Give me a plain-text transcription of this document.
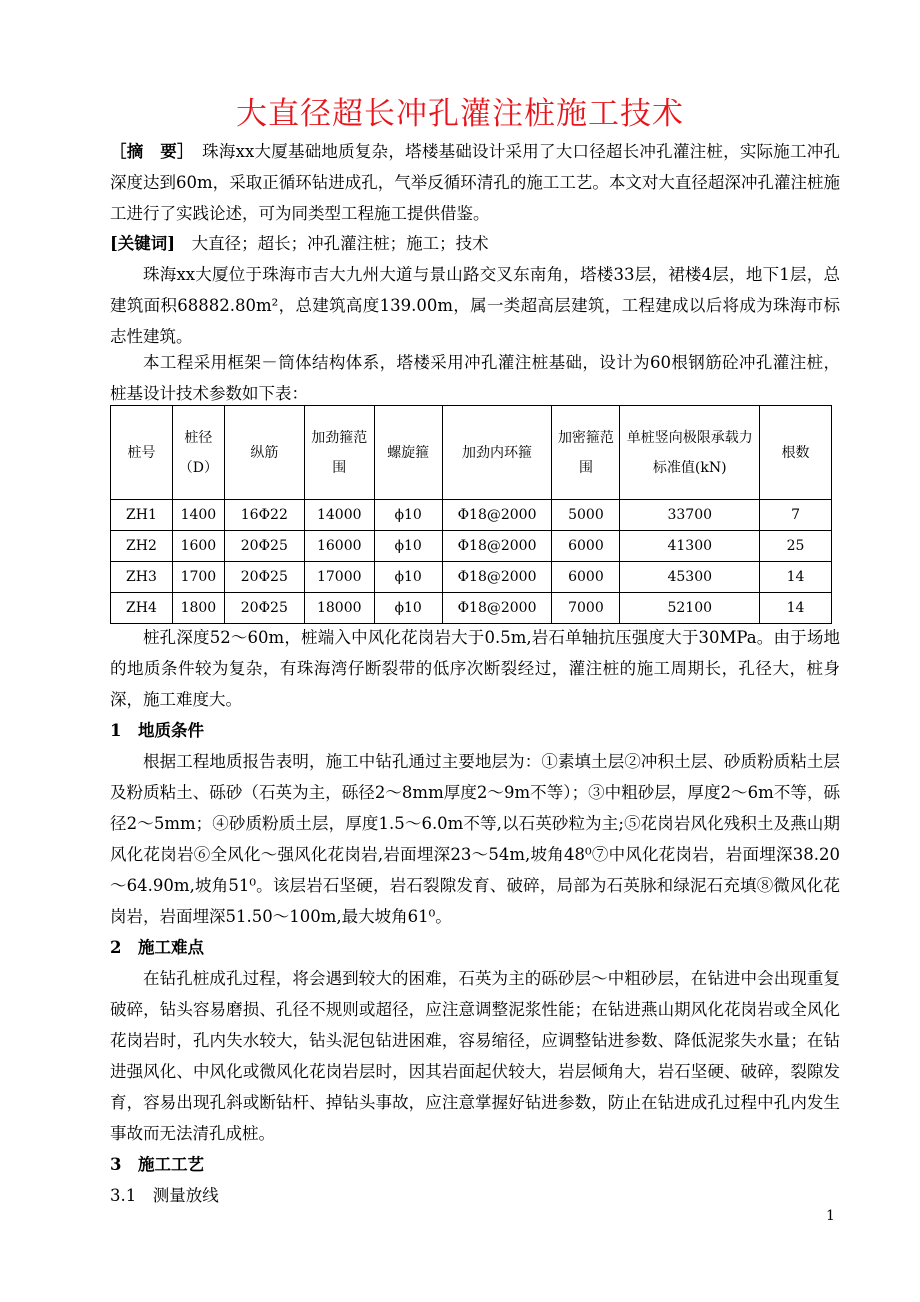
大直径超长冲孔灌注桩施工技术

［摘　要］　珠海xx大厦基础地质复杂，塔楼基础设计采用了大口径超长冲孔灌注桩，实际施工冲孔深度达到60m，采取正循环钻进成孔，气举反循环清孔的施工工艺。本文对大直径超深冲孔灌注桩施工进行了实践论述，可为同类型工程施工提供借鉴。

[关键词]　大直径；超长；冲孔灌注桩；施工；技术

珠海xx大厦位于珠海市吉大九州大道与景山路交叉东南角，塔楼33层，裙楼4层，地下1层，总建筑面积68882.80m²，总建筑高度139.00m，属一类超高层建筑，工程建成以后将成为珠海市标志性建筑。

本工程采用框架－筒体结构体系，塔楼采用冲孔灌注桩基础，设计为60根钢筋砼冲孔灌注桩，桩基设计技术参数如下表：

桩号	桩径（D）	纵筋	加劲箍范围	螺旋箍	加劲内环箍	加密箍范围	单桩竖向极限承载力标准值(kN)	根数
ZH1	1400	16Φ22	14000	ϕ10	Φ18@2000	5000	33700	7
ZH2	1600	20Φ25	16000	ϕ10	Φ18@2000	6000	41300	25
ZH3	1700	20Φ25	17000	ϕ10	Φ18@2000	6000	45300	14
ZH4	1800	20Φ25	18000	ϕ10	Φ18@2000	7000	52100	14

桩孔深度52～60m，桩端入中风化花岗岩大于0.5m,岩石单轴抗压强度大于30MPa。由于场地的地质条件较为复杂，有珠海湾仔断裂带的低序次断裂经过，灌注桩的施工周期长，孔径大，桩身深，施工难度大。

1　地质条件

根据工程地质报告表明，施工中钻孔通过主要地层为：①素填土层②冲积土层、砂质粉质粘土层及粉质粘土、砾砂（石英为主，砾径2～8mm厚度2～9m不等）；③中粗砂层，厚度2～6m不等，砾径2～5mm；④砂质粉质土层，厚度1.5～6.0m不等,以石英砂粒为主;⑤花岗岩风化残积土及燕山期风化花岗岩⑥全风化～强风化花岗岩,岩面埋深23～54m,坡角48⁰⑦中风化花岗岩，岩面埋深38.20～64.90m,坡角51⁰。该层岩石坚硬，岩石裂隙发育、破碎，局部为石英脉和绿泥石充填⑧微风化花岗岩，岩面埋深51.50～100m,最大坡角61⁰。

2　施工难点

在钻孔桩成孔过程，将会遇到较大的困难，石英为主的砾砂层～中粗砂层，在钻进中会出现重复破碎，钻头容易磨损、孔径不规则或超径，应注意调整泥浆性能；在钻进燕山期风化花岗岩或全风化花岗岩时，孔内失水较大，钻头泥包钻进困难，容易缩径，应调整钻进参数、降低泥浆失水量；在钻进强风化、中风化或微风化花岗岩层时，因其岩面起伏较大，岩层倾角大，岩石坚硬、破碎，裂隙发育，容易出现孔斜或断钻杆、掉钻头事故，应注意掌握好钻进参数，防止在钻进成孔过程中孔内发生事故而无法清孔成桩。

3　施工工艺
3.1　测量放线
1
